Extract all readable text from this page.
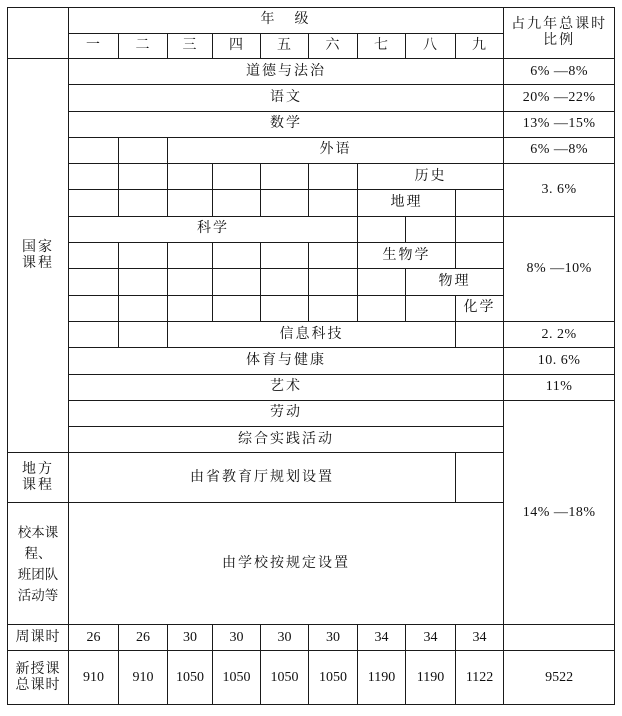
	年　级									占九年总课时
比例

	一	二	三	四	五	六	七	八	九	

国家
课程	道德与法治									6% —8%
	语文									20% —22%
	数学									13% —15%
			外语							6% —8%
							历史			3. 6%
							地理			
	科学									8% —10%
							生物学			
								物理		
									化学	
			信息科技							2. 2%
	体育与健康									10. 6%
	艺术									11%
	劳动									14% —18%
	综合实践活动									

地方
课程	由省教育厅规划设置									

校本课程、
班团队
活动等	由学校按规定设置									
周课时	26	26	30	30	30	30	34	34	34	

新授课
总课时	910	910	1050	1050	1050	1050	1190	1190	1122	9522
